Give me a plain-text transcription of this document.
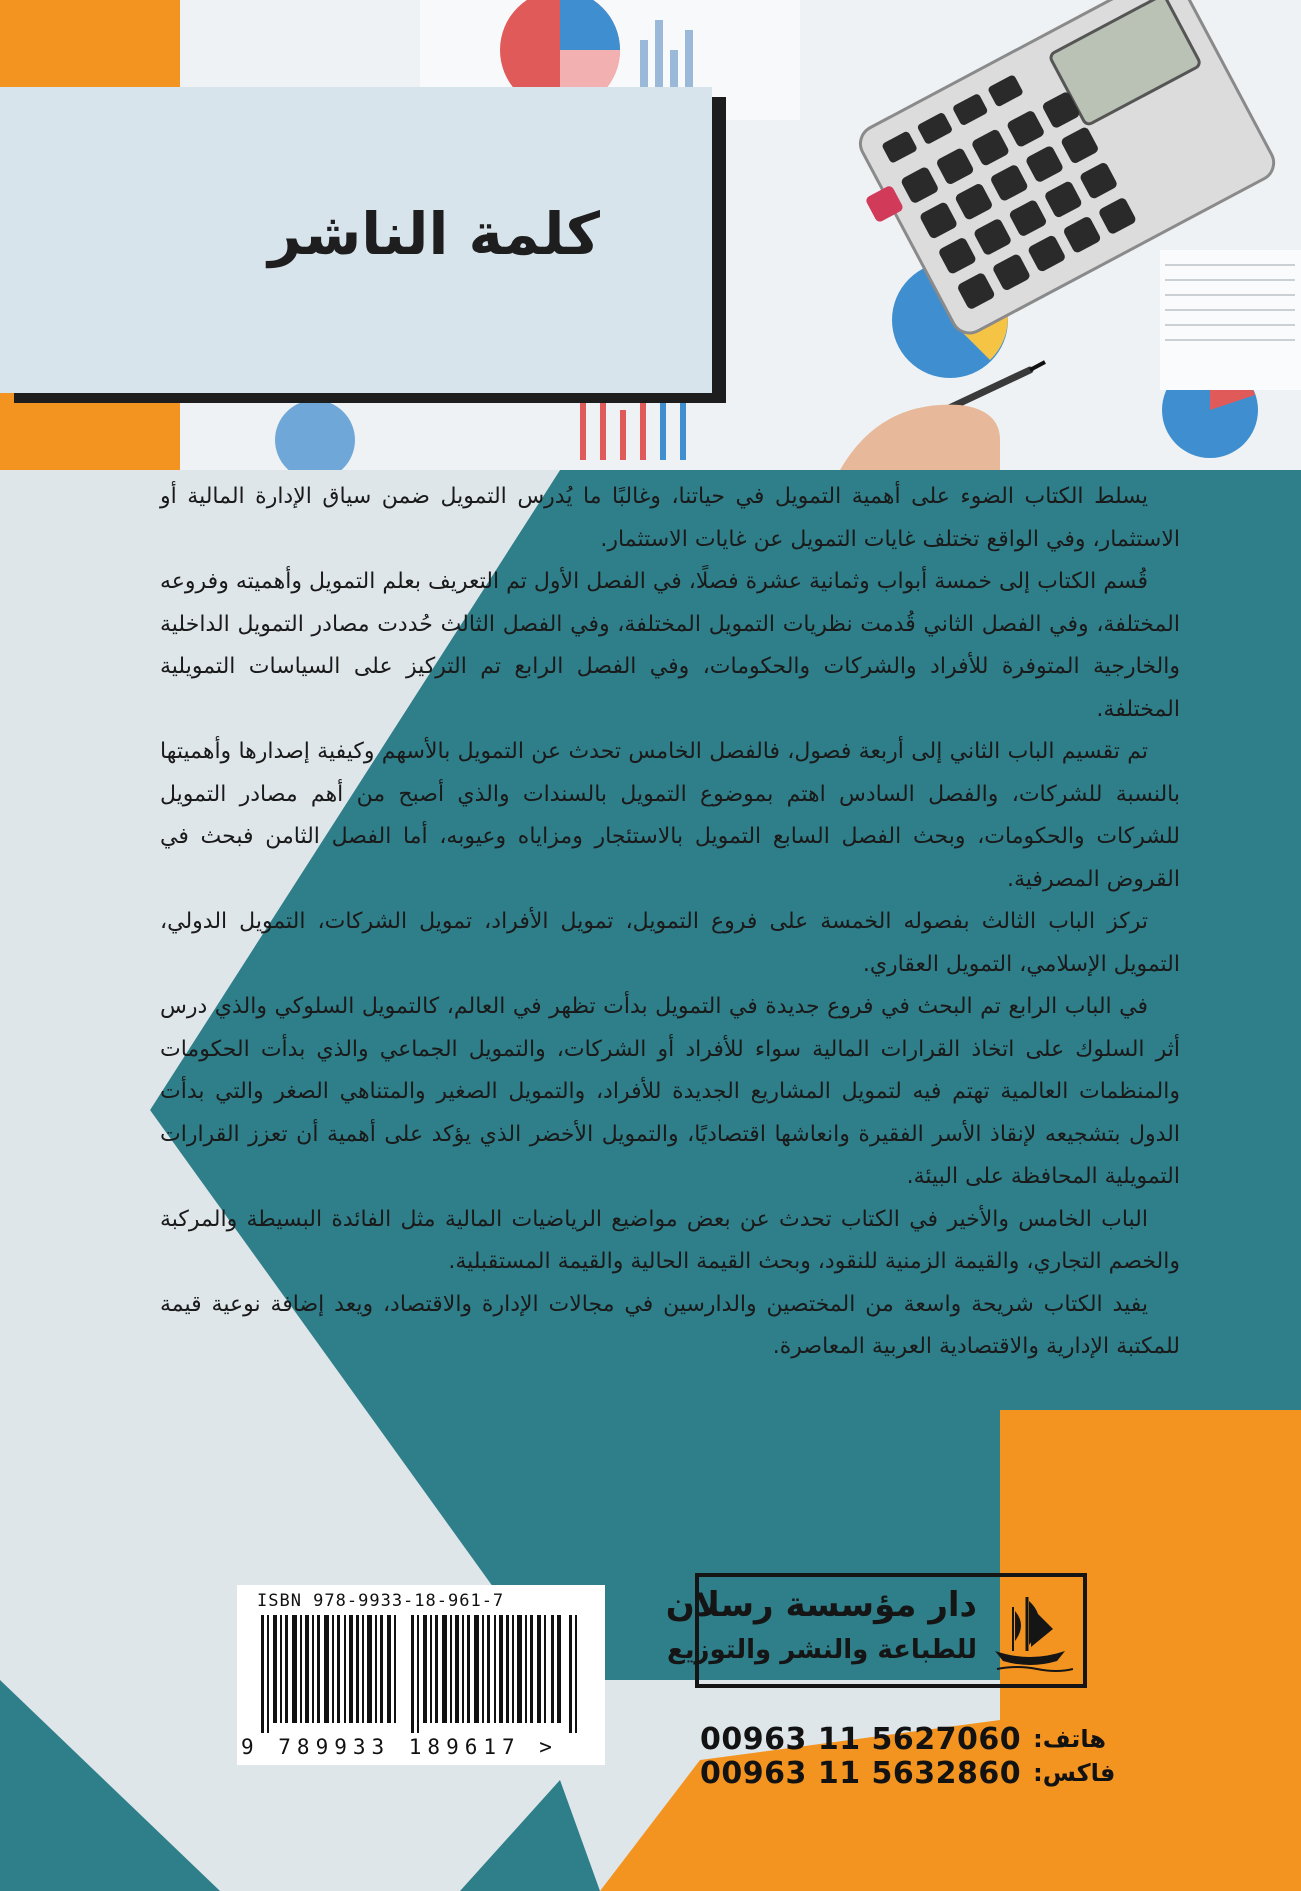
كلمة الناشر

يسلط الكتاب الضوء على أهمية التمويل في حياتنا، وغالبًا ما يُدرس التمويل ضمن سياق الإدارة المالية أو الاستثمار، وفي الواقع تختلف غايات التمويل عن غايات الاستثمار.

قُسم الكتاب إلى خمسة أبواب وثمانية عشرة فصلًا، في الفصل الأول تم التعريف بعلم التمويل وأهميته وفروعه المختلفة، وفي الفصل الثاني قُدمت نظريات التمويل المختلفة، وفي الفصل الثالث حُددت مصادر التمويل الداخلية والخارجية المتوفرة للأفراد والشركات والحكومات، وفي الفصل الرابع تم التركيز على السياسات التمويلية المختلفة.

تم تقسيم الباب الثاني إلى أربعة فصول، فالفصل الخامس تحدث عن التمويل بالأسهم وكيفية إصدارها وأهميتها بالنسبة للشركات، والفصل السادس اهتم بموضوع التمويل بالسندات والذي أصبح من أهم مصادر التمويل للشركات والحكومات، وبحث الفصل السابع التمويل بالاستئجار ومزاياه وعيوبه، أما الفصل الثامن فبحث في القروض المصرفية.

تركز الباب الثالث بفصوله الخمسة على فروع التمويل، تمويل الأفراد، تمويل الشركات، التمويل الدولي، التمويل الإسلامي، التمويل العقاري.

في الباب الرابع تم البحث في فروع جديدة في التمويل بدأت تظهر في العالم، كالتمويل السلوكي والذي درس أثر السلوك على اتخاذ القرارات المالية سواء للأفراد أو الشركات، والتمويل الجماعي والذي بدأت الحكومات والمنظمات العالمية تهتم فيه لتمويل المشاريع الجديدة للأفراد، والتمويل الصغير والمتناهي الصغر والتي بدأت الدول بتشجيعه لإنقاذ الأسر الفقيرة وانعاشها اقتصاديًا، والتمويل الأخضر الذي يؤكد على أهمية أن تعزز القرارات التمويلية المحافظة على البيئة.

الباب الخامس والأخير في الكتاب تحدث عن بعض مواضيع الرياضيات المالية مثل الفائدة البسيطة والمركبة والخصم التجاري، والقيمة الزمنية للنقود، وبحث القيمة الحالية والقيمة المستقبلية.

يفيد الكتاب شريحة واسعة من المختصين والدارسين في مجالات الإدارة والاقتصاد، ويعد إضافة نوعية قيمة للمكتبة الإدارية والاقتصادية العربية المعاصرة.

ISBN 978-9933-18-961-7
9 789933 189617 >
دار مؤسسة رسلان
للطباعة والنشر والتوزيع
00963 11 5627060 هاتف:
00963 11 5632860 فاكس:
